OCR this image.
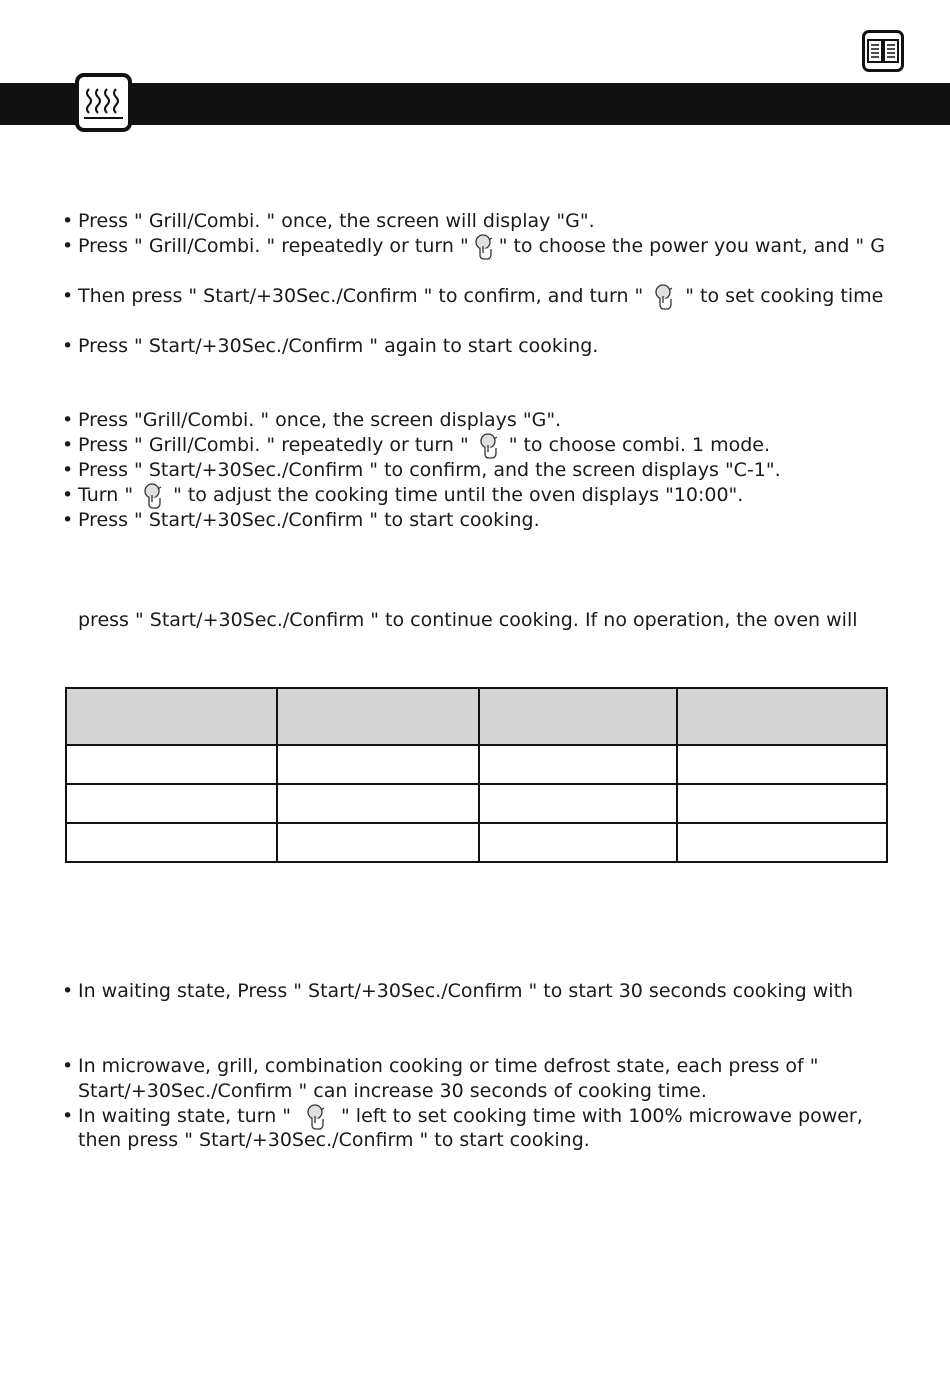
• Press " Grill/Combi. " once, the screen will display "G".
• Press " Grill/Combi. " repeatedly or turn " " to choose the power you want, and " G
• Then press " Start/+30Sec./Confirm " to confirm, and turn " " to set cooking time
• Press " Start/+30Sec./Confirm " again to start cooking.
• Press "Grill/Combi. " once, the screen displays "G".
• Press " Grill/Combi. " repeatedly or turn " " to choose combi. 1 mode.
• Press " Start/+30Sec./Confirm " to confirm, and the screen displays "C-1".
• Turn " " to adjust the cooking time until the oven displays "10:00".
• Press " Start/+30Sec./Confirm " to start cooking.
press " Start/+30Sec./Confirm " to continue cooking. If no operation, the oven will

• In waiting state, Press " Start/+30Sec./Confirm " to start 30 seconds cooking with
• In microwave, grill, combination cooking or time defrost state, each press of "
Start/+30Sec./Confirm " can increase 30 seconds of cooking time.
• In waiting state, turn "	" left to set cooking time with 100% microwave power,
then press " Start/+30Sec./Confirm " to start cooking.
